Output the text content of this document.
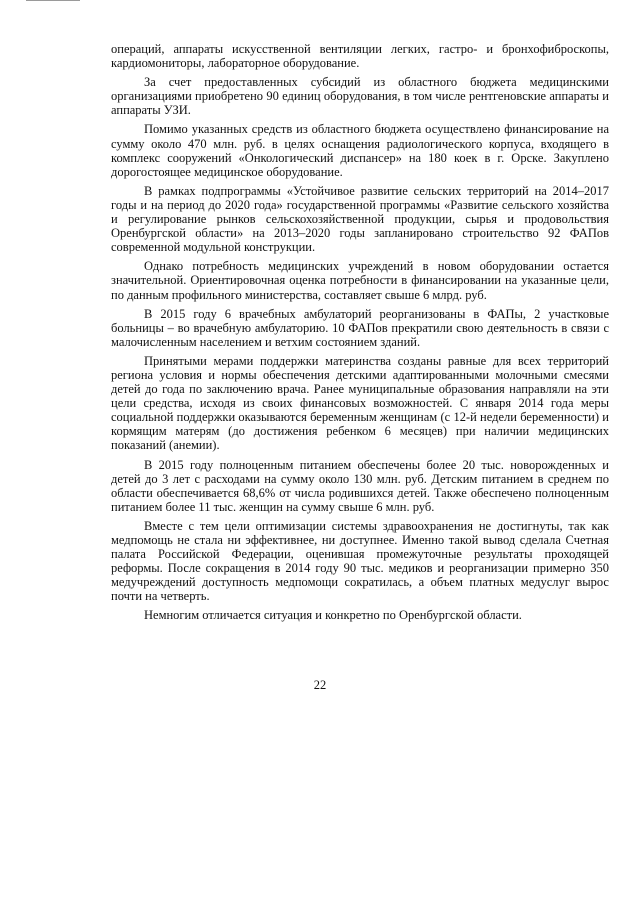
операций, аппараты искусственной вентиляции легких, гастро- и бронхофиброскопы, кардиомониторы, лабораторное оборудование.

За счет предоставленных субсидий из областного бюджета медицинскими организациями приобретено 90 единиц оборудования, в том числе рентгеновские аппараты и аппараты УЗИ.

Помимо указанных средств из областного бюджета осуществлено финансирование на сумму около 470 млн. руб. в целях оснащения радиологического корпуса, входящего в комплекс сооружений «Онкологический диспансер» на 180 коек в г. Орске. Закуплено дорогостоящее медицинское оборудование.

В рамках подпрограммы «Устойчивое развитие сельских территорий на 2014–2017 годы и на период до 2020 года» государственной программы «Развитие сельского хозяйства и регулирование рынков сельскохозяйственной продукции, сырья и продовольствия Оренбургской области» на 2013–2020 годы запланировано строительство 92 ФАПов современной модульной конструкции.

Однако потребность медицинских учреждений в новом оборудовании остается значительной. Ориентировочная оценка потребности в финансировании на указанные цели, по данным профильного министерства, составляет свыше 6 млрд. руб.

В 2015 году 6 врачебных амбулаторий реорганизованы в ФАПы, 2 участковые больницы – во врачебную амбулаторию. 10 ФАПов прекратили свою деятельность в связи с малочисленным населением и ветхим состоянием зданий.

Принятыми мерами поддержки материнства созданы равные для всех территорий региона условия и нормы обеспечения детскими адаптированными молочными смесями детей до года по заключению врача. Ранее муниципальные образования направляли на эти цели средства, исходя из своих финансовых возможностей. С января 2014 года меры социальной поддержки оказываются беременным женщинам (с 12-й недели беременности) и кормящим матерям (до достижения ребенком 6 месяцев) при наличии медицинских показаний (анемии).

В 2015 году полноценным питанием обеспечены более 20 тыс. новорожденных и детей до 3 лет с расходами на сумму около 130 млн. руб. Детским питанием в среднем по области обеспечивается 68,6% от числа родившихся детей. Также обеспечено полноценным питанием более 11 тыс. женщин на сумму свыше 6 млн. руб.

Вместе с тем цели оптимизации системы здравоохранения не достигнуты, так как медпомощь не стала ни эффективнее, ни доступнее. Именно такой вывод сделала Счетная палата Российской Федерации, оценившая промежуточные результаты проходящей реформы. После сокращения в 2014 году 90 тыс. медиков и реорганизации примерно 350 медучреждений доступность медпомощи сократилась, а объем платных медуслуг вырос почти на четверть.

Немногим отличается ситуация и конкретно по Оренбургской области.

22
